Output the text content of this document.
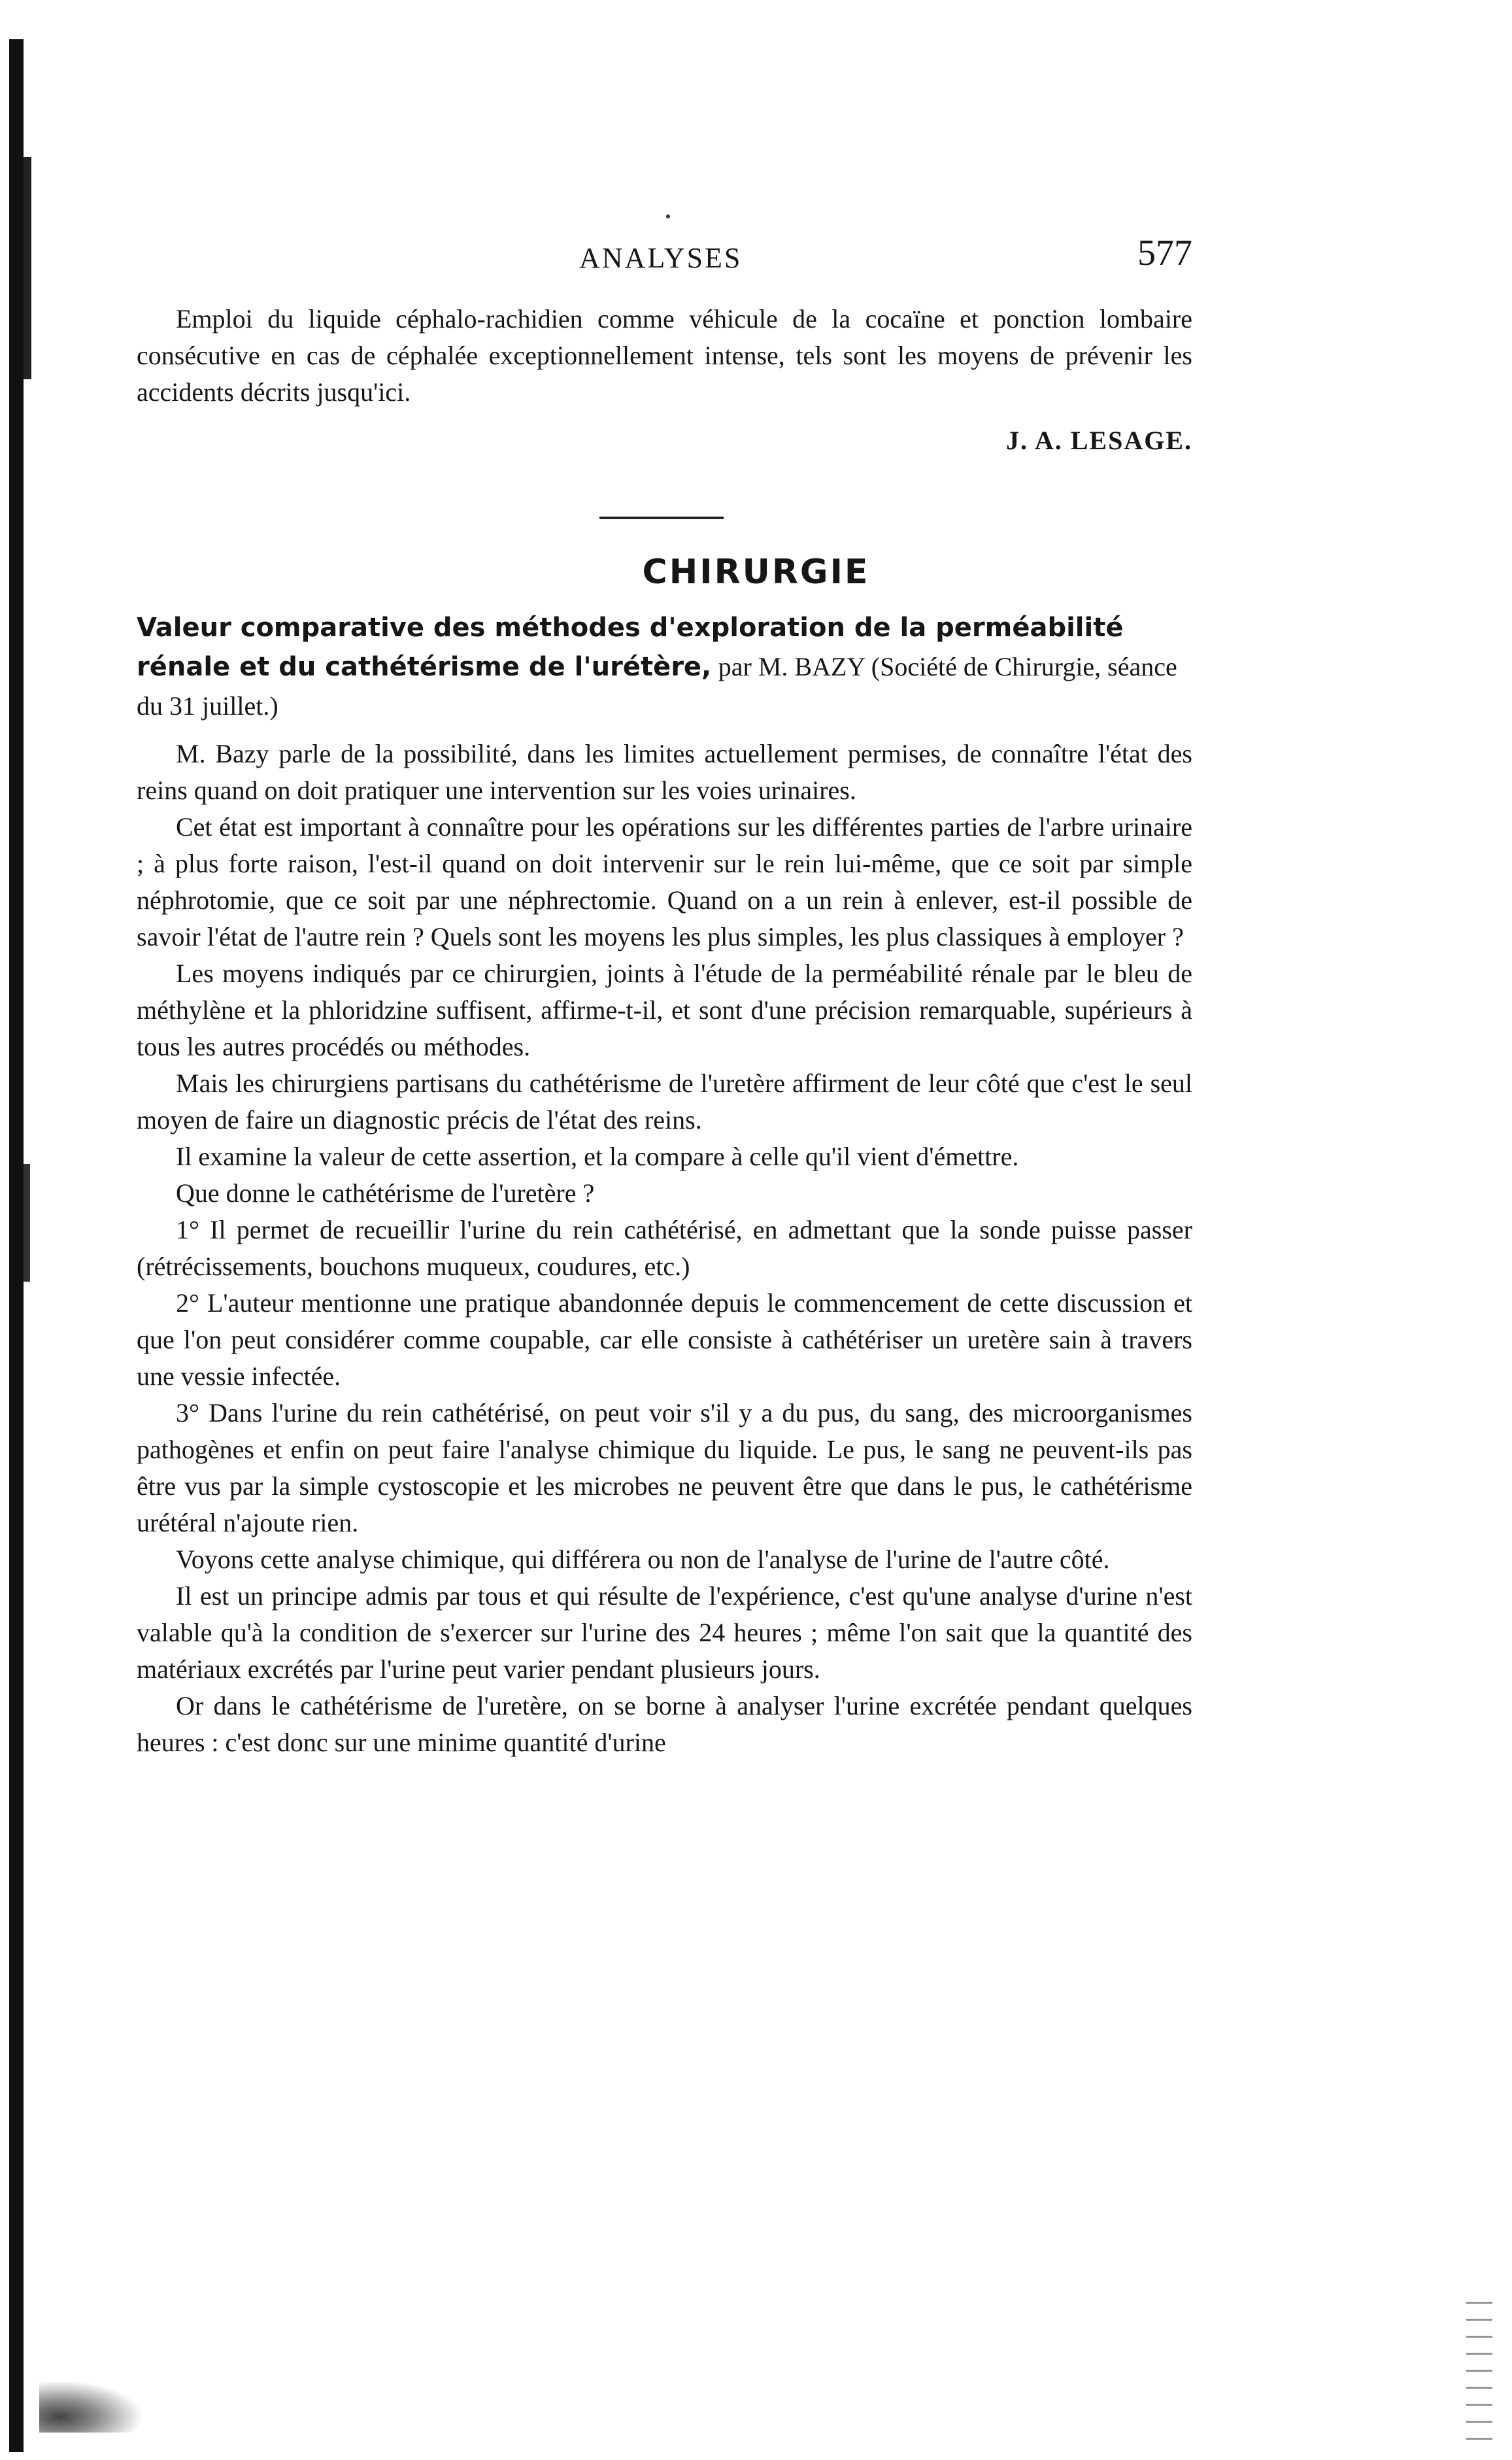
ANALYSES	577

Emploi du liquide céphalo-rachidien comme véhicule de la cocaïne et ponction lombaire consécutive en cas de céphalée exceptionnellement intense, tels sont les moyens de prévenir les accidents décrits jusqu'ici.

J. A. LESAGE.
CHIRURGIE
Valeur comparative des méthodes d'exploration de la perméabilité rénale et du cathétérisme de l'urétère, par M. BAZY (Société de Chirurgie, séance du 31 juillet.)

M. Bazy parle de la possibilité, dans les limites actuellement permises, de connaître l'état des reins quand on doit pratiquer une intervention sur les voies urinaires.

Cet état est important à connaître pour les opérations sur les différentes parties de l'arbre urinaire ; à plus forte raison, l'est-il quand on doit intervenir sur le rein lui-même, que ce soit par simple néphrotomie, que ce soit par une néphrectomie. Quand on a un rein à enlever, est-il possible de savoir l'état de l'autre rein ? Quels sont les moyens les plus simples, les plus classiques à employer ?

Les moyens indiqués par ce chirurgien, joints à l'étude de la perméabilité rénale par le bleu de méthylène et la phloridzine suffisent, affirme-t-il, et sont d'une précision remarquable, supérieurs à tous les autres procédés ou méthodes.

Mais les chirurgiens partisans du cathétérisme de l'uretère affirment de leur côté que c'est le seul moyen de faire un diagnostic précis de l'état des reins.

Il examine la valeur de cette assertion, et la compare à celle qu'il vient d'émettre.

Que donne le cathétérisme de l'uretère ?

1° Il permet de recueillir l'urine du rein cathétérisé, en admettant que la sonde puisse passer (rétrécissements, bouchons muqueux, coudures, etc.)

2° L'auteur mentionne une pratique abandonnée depuis le commencement de cette discussion et que l'on peut considérer comme coupable, car elle consiste à cathétériser un uretère sain à travers une vessie infectée.

3° Dans l'urine du rein cathétérisé, on peut voir s'il y a du pus, du sang, des microorganismes pathogènes et enfin on peut faire l'analyse chimique du liquide. Le pus, le sang ne peuvent-ils pas être vus par la simple cystoscopie et les microbes ne peuvent être que dans le pus, le cathétérisme urétéral n'ajoute rien.

Voyons cette analyse chimique, qui différera ou non de l'analyse de l'urine de l'autre côté.

Il est un principe admis par tous et qui résulte de l'expérience, c'est qu'une analyse d'urine n'est valable qu'à la condition de s'exercer sur l'urine des 24 heures ; même l'on sait que la quantité des matériaux excrétés par l'urine peut varier pendant plusieurs jours.

Or dans le cathétérisme de l'uretère, on se borne à analyser l'urine excrétée pendant quelques heures : c'est donc sur une minime quantité d'urine
